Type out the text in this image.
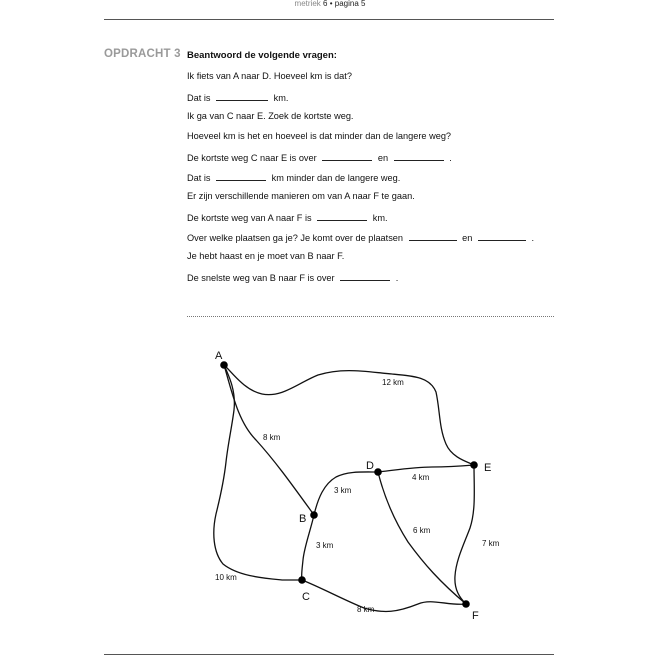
metriek 6 • pagina 5
OPDRACHT 3 Beantwoord de volgende vragen:
Ik fiets van A naar D. Hoeveel km is dat?
Dat is	km.
Ik ga van C naar E. Zoek de kortste weg.
Hoeveel km is het en hoeveel is dat minder dan de langere weg?
De kortste weg C naar E is over	en	.
Dat is	km minder dan de langere weg.
Er zijn verschillende manieren om van A naar F te gaan.
De kortste weg van A naar F is	km.
Over welke plaatsen ga je? Je komt over de plaatsen	en	.
Je hebt haast en je moet van B naar F.
De snelste weg van B naar F is over	.
A
B
C
D	E
F
12 km
8 km
3 km
4 km
3 km
6 km
7 km
10 km
8 km
